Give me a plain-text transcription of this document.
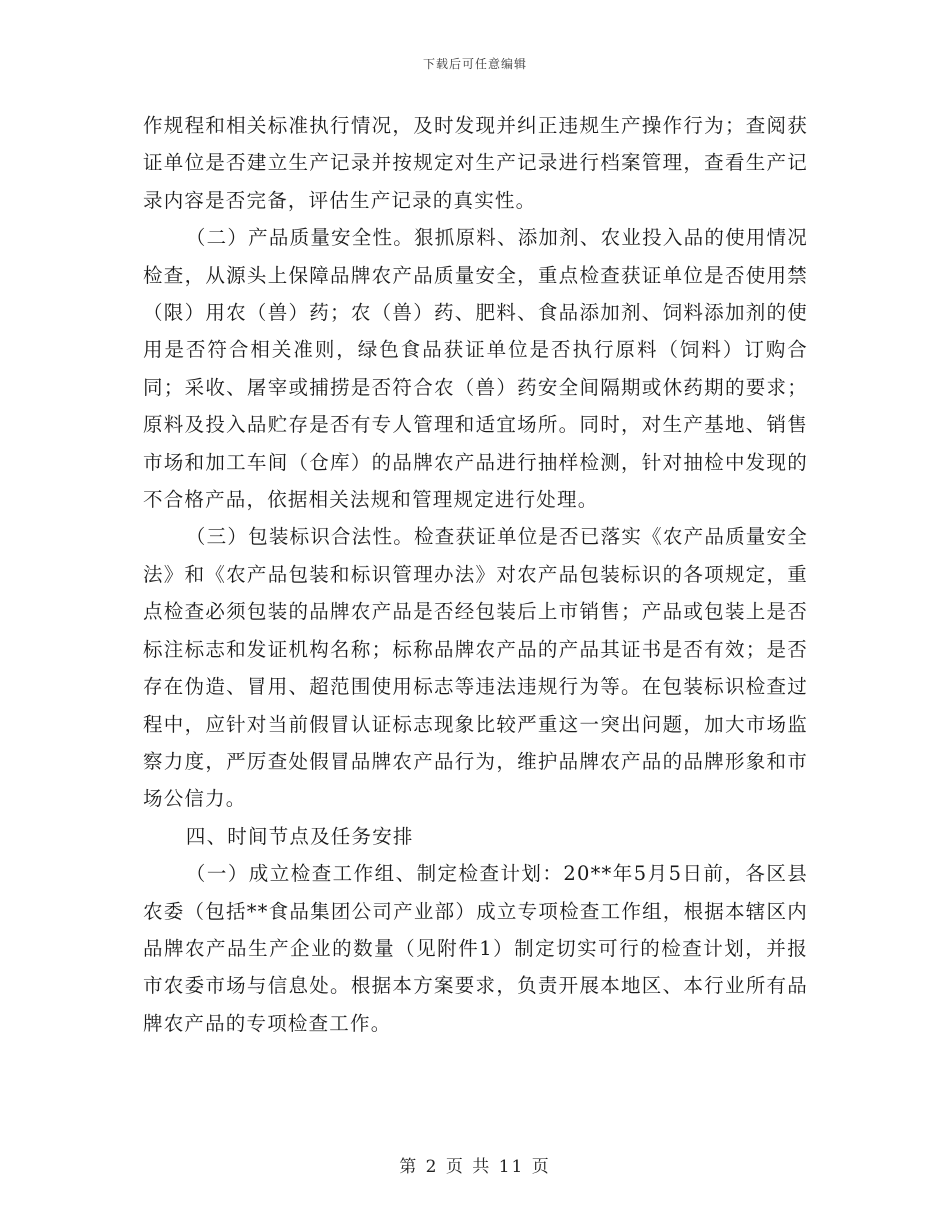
下载后可任意编辑

作规程和相关标准执行情况，及时发现并纠正违规生产操作行为；查阅获证单位是否建立生产记录并按规定对生产记录进行档案管理，查看生产记录内容是否完备，评估生产记录的真实性。

（二）产品质量安全性。狠抓原料、添加剂、农业投入品的使用情况检查，从源头上保障品牌农产品质量安全，重点检查获证单位是否使用禁（限）用农（兽）药；农（兽）药、肥料、食品添加剂、饲料添加剂的使用是否符合相关准则，绿色食品获证单位是否执行原料（饲料）订购合同；采收、屠宰或捕捞是否符合农（兽）药安全间隔期或休药期的要求；原料及投入品贮存是否有专人管理和适宜场所。同时，对生产基地、销售市场和加工车间（仓库）的品牌农产品进行抽样检测，针对抽检中发现的不合格产品，依据相关法规和管理规定进行处理。

（三）包装标识合法性。检查获证单位是否已落实《农产品质量安全法》和《农产品包装和标识管理办法》对农产品包装标识的各项规定，重点检查必须包装的品牌农产品是否经包装后上市销售；产品或包装上是否标注标志和发证机构名称；标称品牌农产品的产品其证书是否有效；是否存在伪造、冒用、超范围使用标志等违法违规行为等。在包装标识检查过程中，应针对当前假冒认证标志现象比较严重这一突出问题，加大市场监察力度，严厉查处假冒品牌农产品行为，维护品牌农产品的品牌形象和市场公信力。

四、时间节点及任务安排

（一）成立检查工作组、制定检查计划：20**年5月5日前，各区县农委（包括**食品集团公司产业部）成立专项检查工作组，根据本辖区内品牌农产品生产企业的数量（见附件1）制定切实可行的检查计划，并报市农委市场与信息处。根据本方案要求，负责开展本地区、本行业所有品牌农产品的专项检查工作。

第 2 页 共 11 页
